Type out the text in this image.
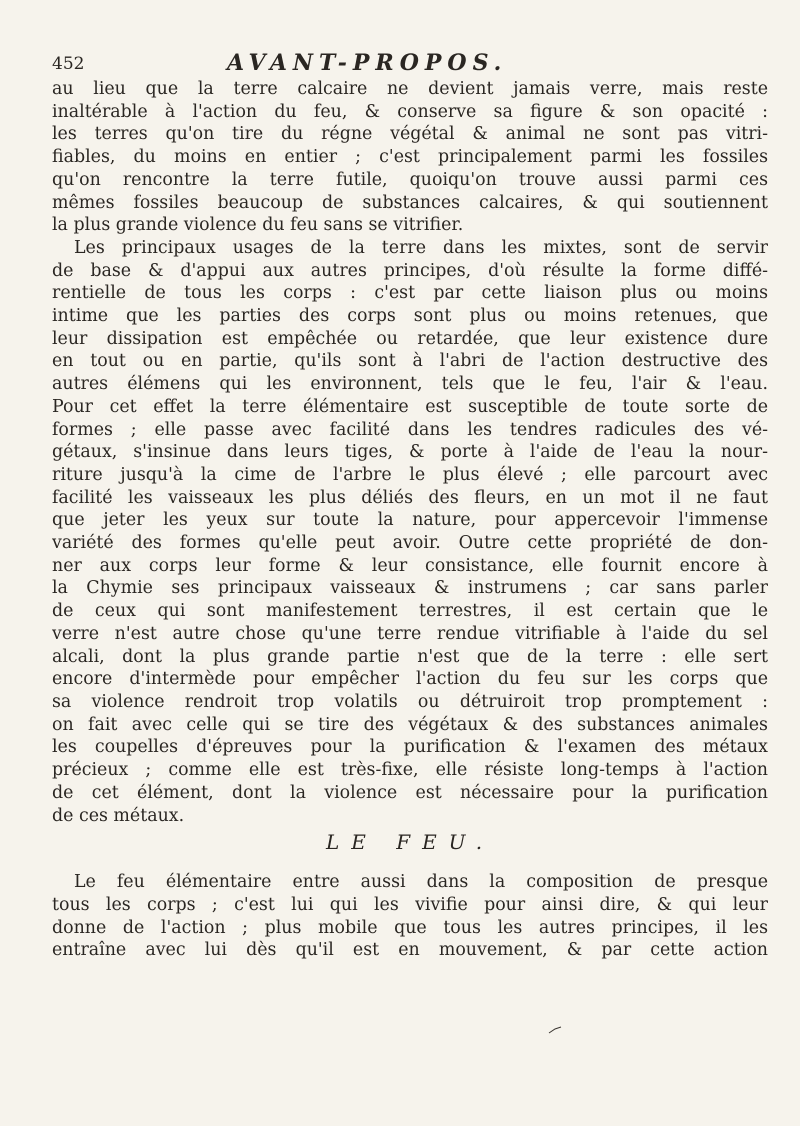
452	AVANT-PROPOS.
au lieu que la terre calcaire ne devient jamais verre, mais reste
inaltérable à l'action du feu, & conserve sa figure & son opacité :
les terres qu'on tire du régne végétal & animal ne sont pas vitri-
fiables, du moins en entier ; c'est principalement parmi les fossiles
qu'on rencontre la terre futile, quoiqu'on trouve aussi parmi ces
mêmes fossiles beaucoup de substances calcaires, & qui soutiennent
la plus grande violence du feu sans se vitrifier.
Les principaux usages de la terre dans les mixtes, sont de servir
de base & d'appui aux autres principes, d'où résulte la forme diffé-
rentielle de tous les corps : c'est par cette liaison plus ou moins
intime que les parties des corps sont plus ou moins retenues, que
leur dissipation est empêchée ou retardée, que leur existence dure
en tout ou en partie, qu'ils sont à l'abri de l'action destructive des
autres élémens qui les environnent, tels que le feu, l'air & l'eau.
Pour cet effet la terre élémentaire est susceptible de toute sorte de
formes ; elle passe avec facilité dans les tendres radicules des vé-
gétaux, s'insinue dans leurs tiges, & porte à l'aide de l'eau la nour-
riture jusqu'à la cime de l'arbre le plus élevé ; elle parcourt avec
facilité les vaisseaux les plus déliés des fleurs, en un mot il ne faut
que jeter les yeux sur toute la nature, pour appercevoir l'immense
variété des formes qu'elle peut avoir. Outre cette propriété de don-
ner aux corps leur forme & leur consistance, elle fournit encore à
la Chymie ses principaux vaisseaux & instrumens ; car sans parler
de ceux qui sont manifestement terrestres, il est certain que le
verre n'est autre chose qu'une terre rendue vitrifiable à l'aide du sel
alcali, dont la plus grande partie n'est que de la terre : elle sert
encore d'intermède pour empêcher l'action du feu sur les corps que
sa violence rendroit trop volatils ou détruiroit trop promptement :
on fait avec celle qui se tire des végétaux & des substances animales
les coupelles d'épreuves pour la purification & l'examen des métaux
précieux ; comme elle est très-fixe, elle résiste long-temps à l'action
de cet élément, dont la violence est nécessaire pour la purification
de ces métaux.
LE FEU.
Le feu élémentaire entre aussi dans la composition de presque
tous les corps ; c'est lui qui les vivifie pour ainsi dire, & qui leur
donne de l'action ; plus mobile que tous les autres principes, il les
entraîne avec lui dès qu'il est en mouvement, & par cette action
